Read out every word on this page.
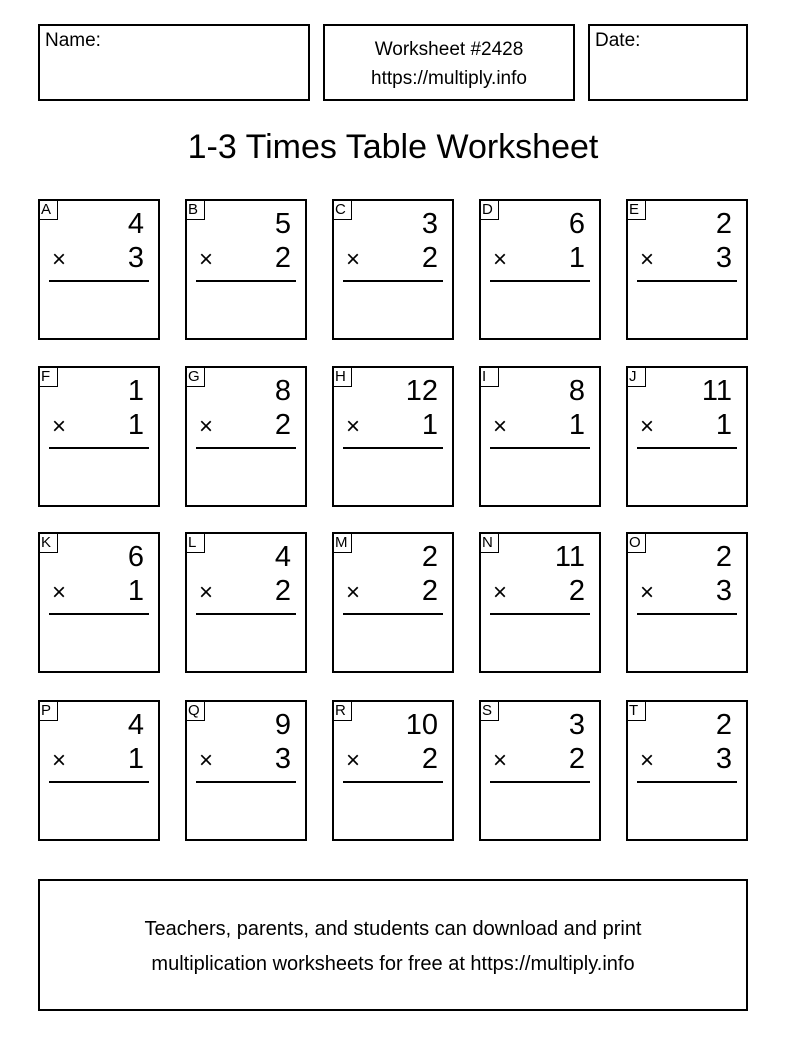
Name:	Worksheet #2428
https://multiply.info
Date:
1-3 Times Table Worksheet
A	4
× 3
B	5
× 2
C	3
× 2
D	6
× 1
E	2
× 3
F	1
× 1
G	8
× 2
H 12
× 1
I	8
× 1
J	11
× 1
K	6
× 1
L	4
× 2
M	2
× 2
N 11
× 2
O	2
× 3
P	4
× 1
Q	9
× 3
R 10
× 2
S	3
× 2
T	2
× 3
Teachers, parents, and students can download and print
multiplication worksheets for free at https://multiply.info
